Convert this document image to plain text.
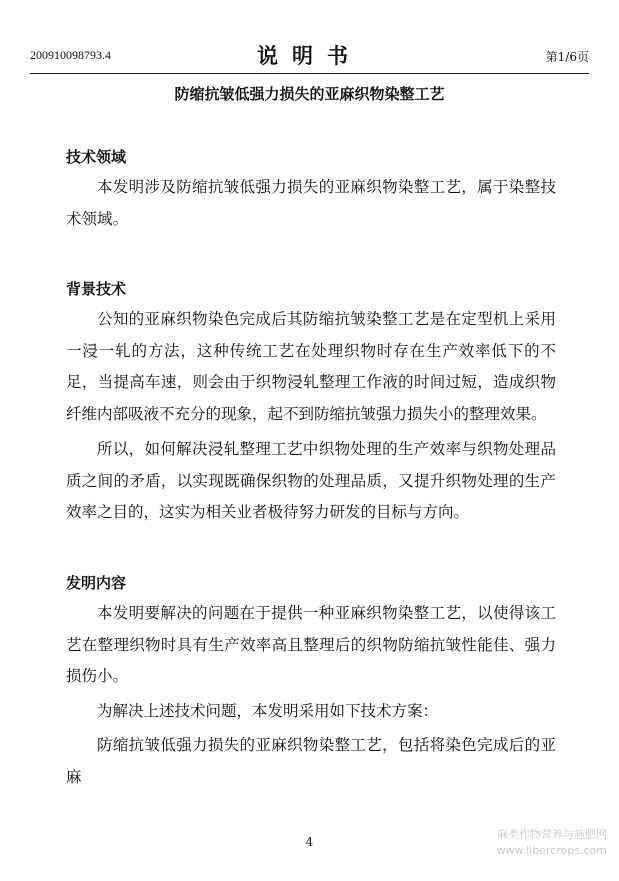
200910098793.4	说明书	第1/6页
防缩抗皱低强力损失的亚麻织物染整工艺
技术领域

本发明涉及防缩抗皱低强力损失的亚麻织物染整工艺，属于染整技术领域。

背景技术

公知的亚麻织物染色完成后其防缩抗皱染整工艺是在定型机上采用一浸一轧的方法，这种传统工艺在处理织物时存在生产效率低下的不足，当提高车速，则会由于织物浸轧整理工作液的时间过短，造成织物纤维内部吸液不充分的现象，起不到防缩抗皱强力损失小的整理效果。

所以，如何解决浸轧整理工艺中织物处理的生产效率与织物处理品质之间的矛盾，以实现既确保织物的处理品质，又提升织物处理的生产效率之目的，这实为相关业者极待努力研发的目标与方向。

发明内容

本发明要解决的问题在于提供一种亚麻织物染整工艺，以使得该工艺在整理织物时具有生产效率高且整理后的织物防缩抗皱性能佳、强力损伤小。

为解决上述技术问题，本发明采用如下技术方案：

防缩抗皱低强力损失的亚麻织物染整工艺，包括将染色完成后的亚麻

4
麻类作物营养与施肥网
www.libercrops.com
